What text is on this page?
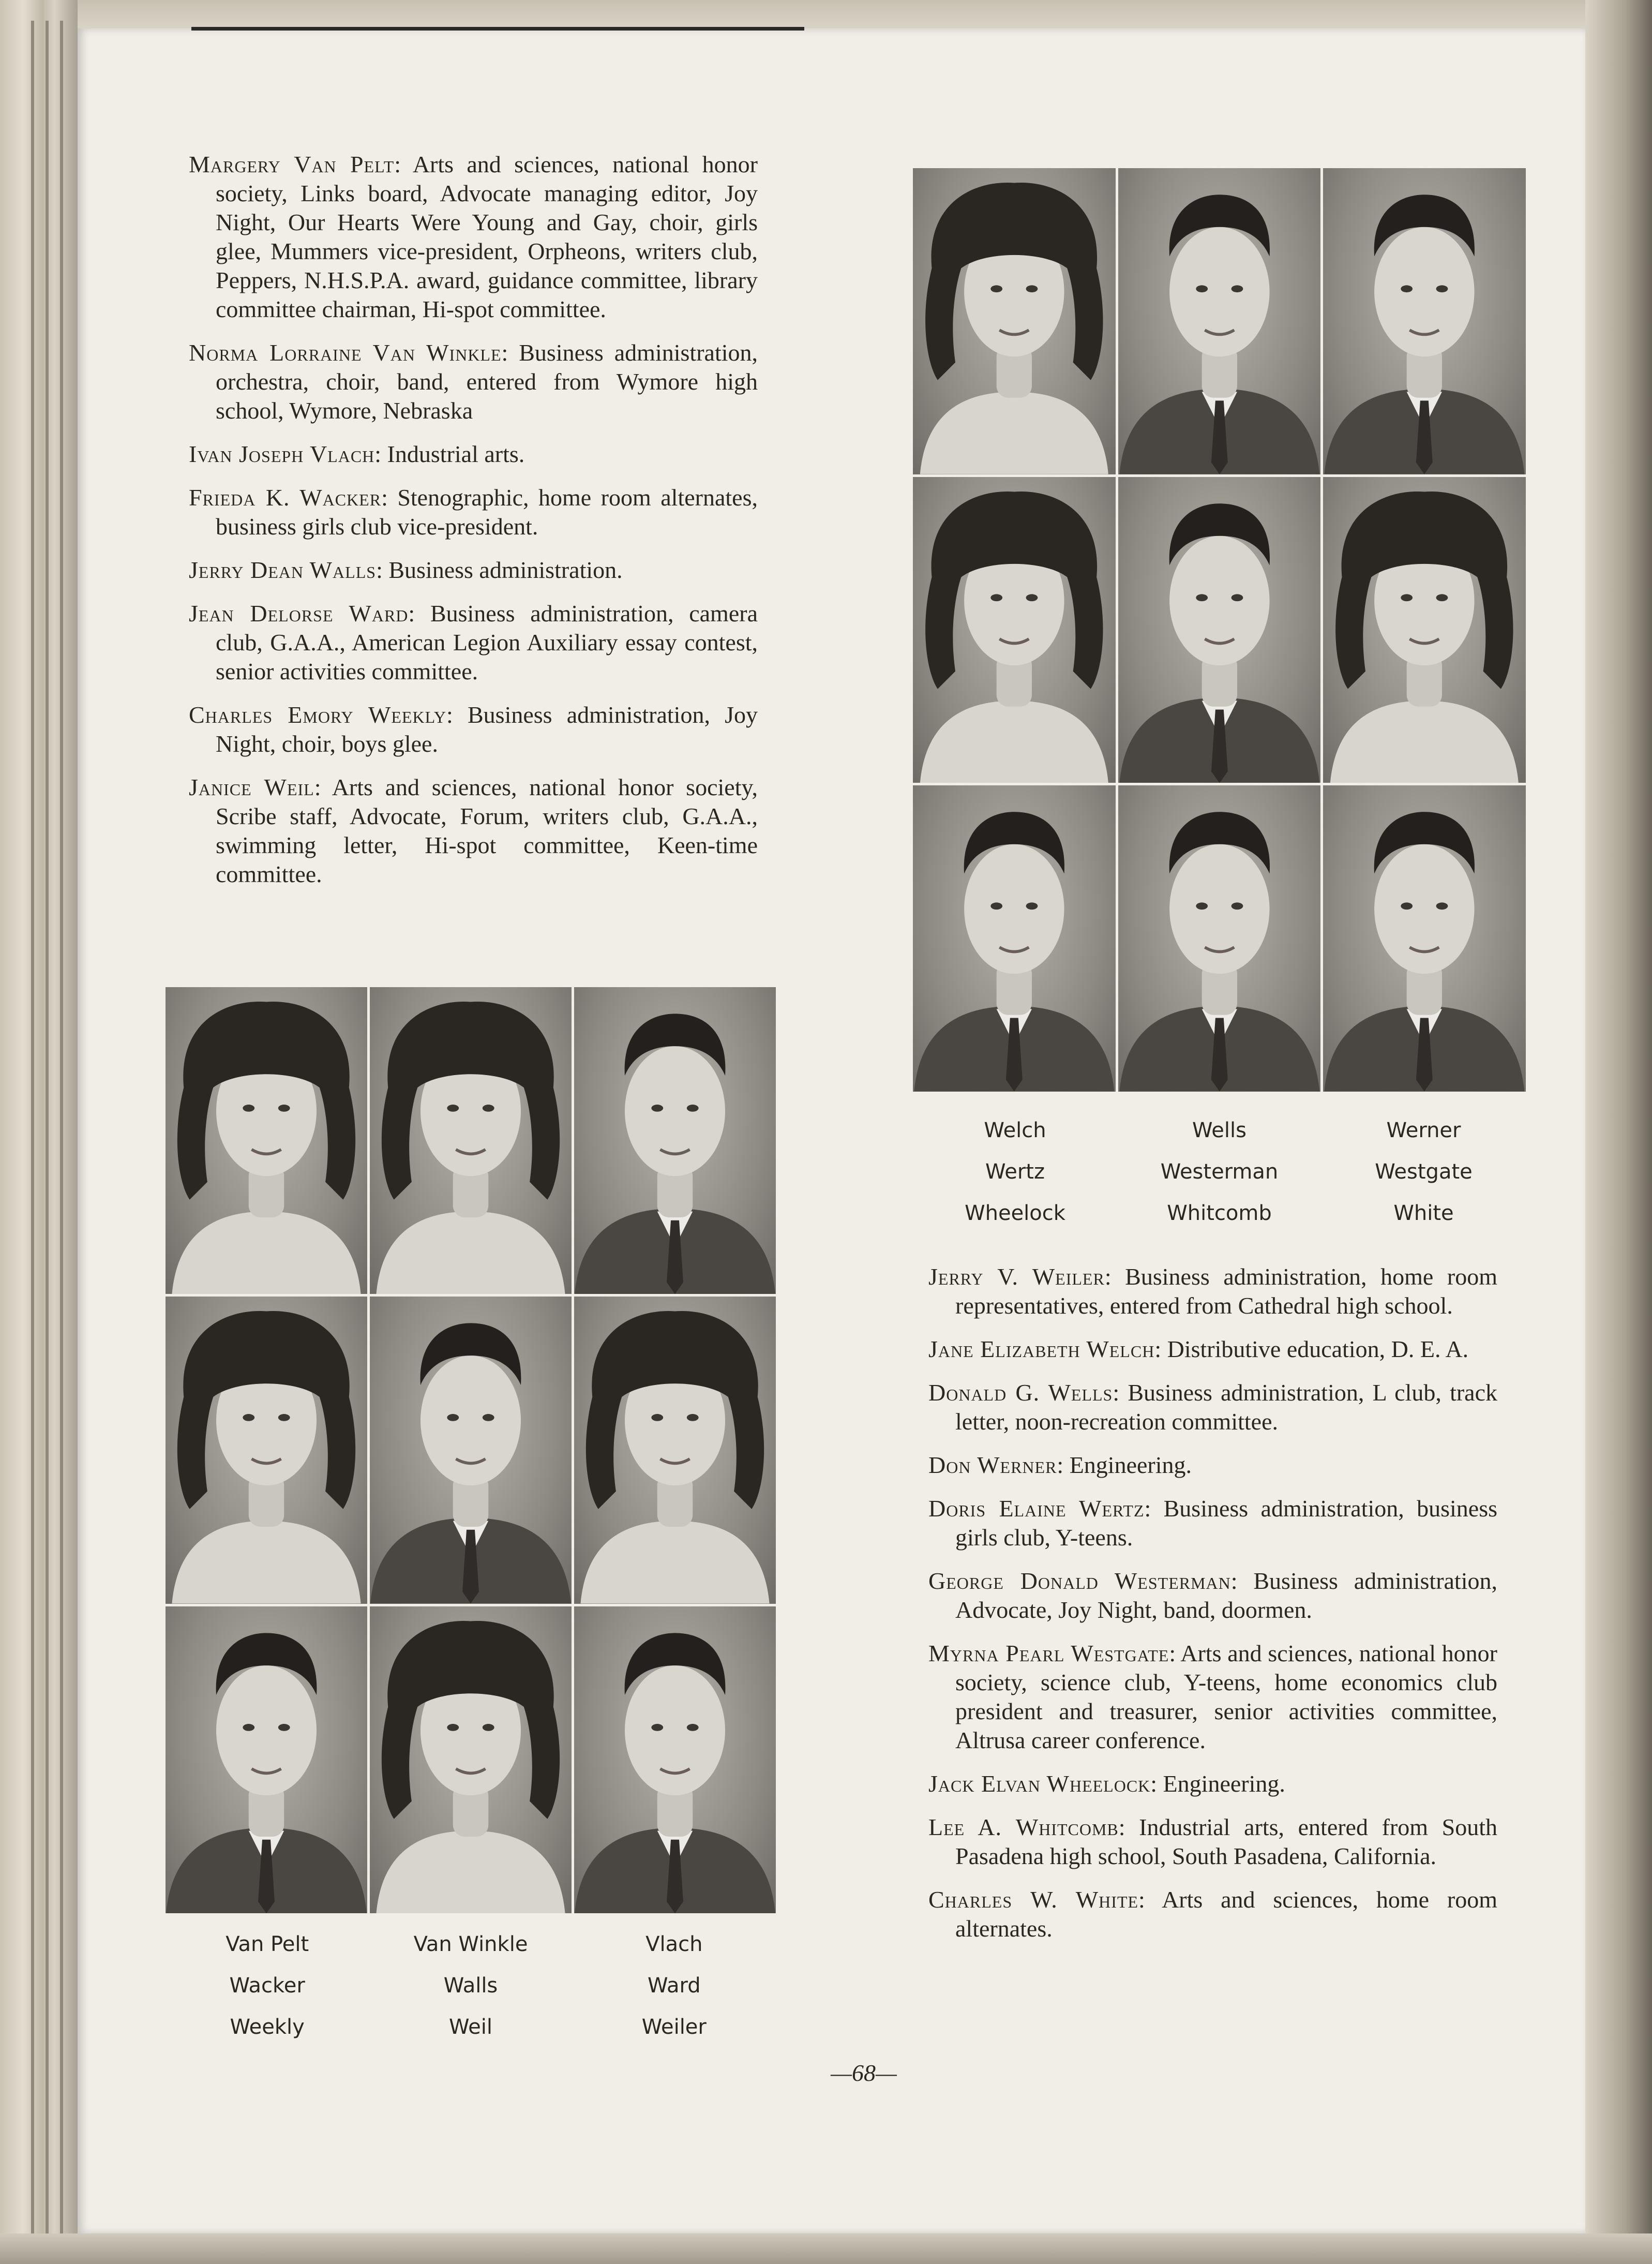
Margery Van Pelt: Arts and sciences, national honor society, Links board, Advocate managing editor, Joy Night, Our Hearts Were Young and Gay, choir, girls glee, Mummers vice-president, Orpheons, writers club, Peppers, N.H.S.P.A. award, guidance committee, library committee chairman, Hi-spot committee.

Norma Lorraine Van Winkle: Business administration, orchestra, choir, band, entered from Wymore high school, Wymore, Nebraska

Ivan Joseph Vlach: Industrial arts.

Frieda K. Wacker: Stenographic, home room alternates, business girls club vice-president.

Jerry Dean Walls: Business administration.

Jean Delorse Ward: Business administration, camera club, G.A.A., American Legion Auxiliary essay contest, senior activities committee.

Charles Emory Weekly: Business administration, Joy Night, choir, boys glee.

Janice Weil: Arts and sciences, national honor society, Scribe staff, Advocate, Forum, writers club, G.A.A., swimming letter, Hi-spot committee, Keen-time committee.

Van Pelt	Van Winkle	Vlach
Wacker	Walls	Ward
Weekly	Weil	Weiler
Welch	Wells	Werner
Wertz	Westerman	Westgate
Wheelock	Whitcomb	White

Jerry V. Weiler: Business administration, home room representatives, entered from Cathedral high school.

Jane Elizabeth Welch: Distributive education, D. E. A.

Donald G. Wells: Business administration, L club, track letter, noon-recreation committee.

Don Werner: Engineering.

Doris Elaine Wertz: Business administration, business girls club, Y-teens.

George Donald Westerman: Business administration, Advocate, Joy Night, band, doormen.

Myrna Pearl Westgate: Arts and sciences, national honor society, science club, Y-teens, home economics club president and treasurer, senior activities committee, Altrusa career conference.

Jack Elvan Wheelock: Engineering.

Lee A. Whitcomb: Industrial arts, entered from South Pasadena high school, South Pasadena, California.

Charles W. White: Arts and sciences, home room alternates.

—68—
